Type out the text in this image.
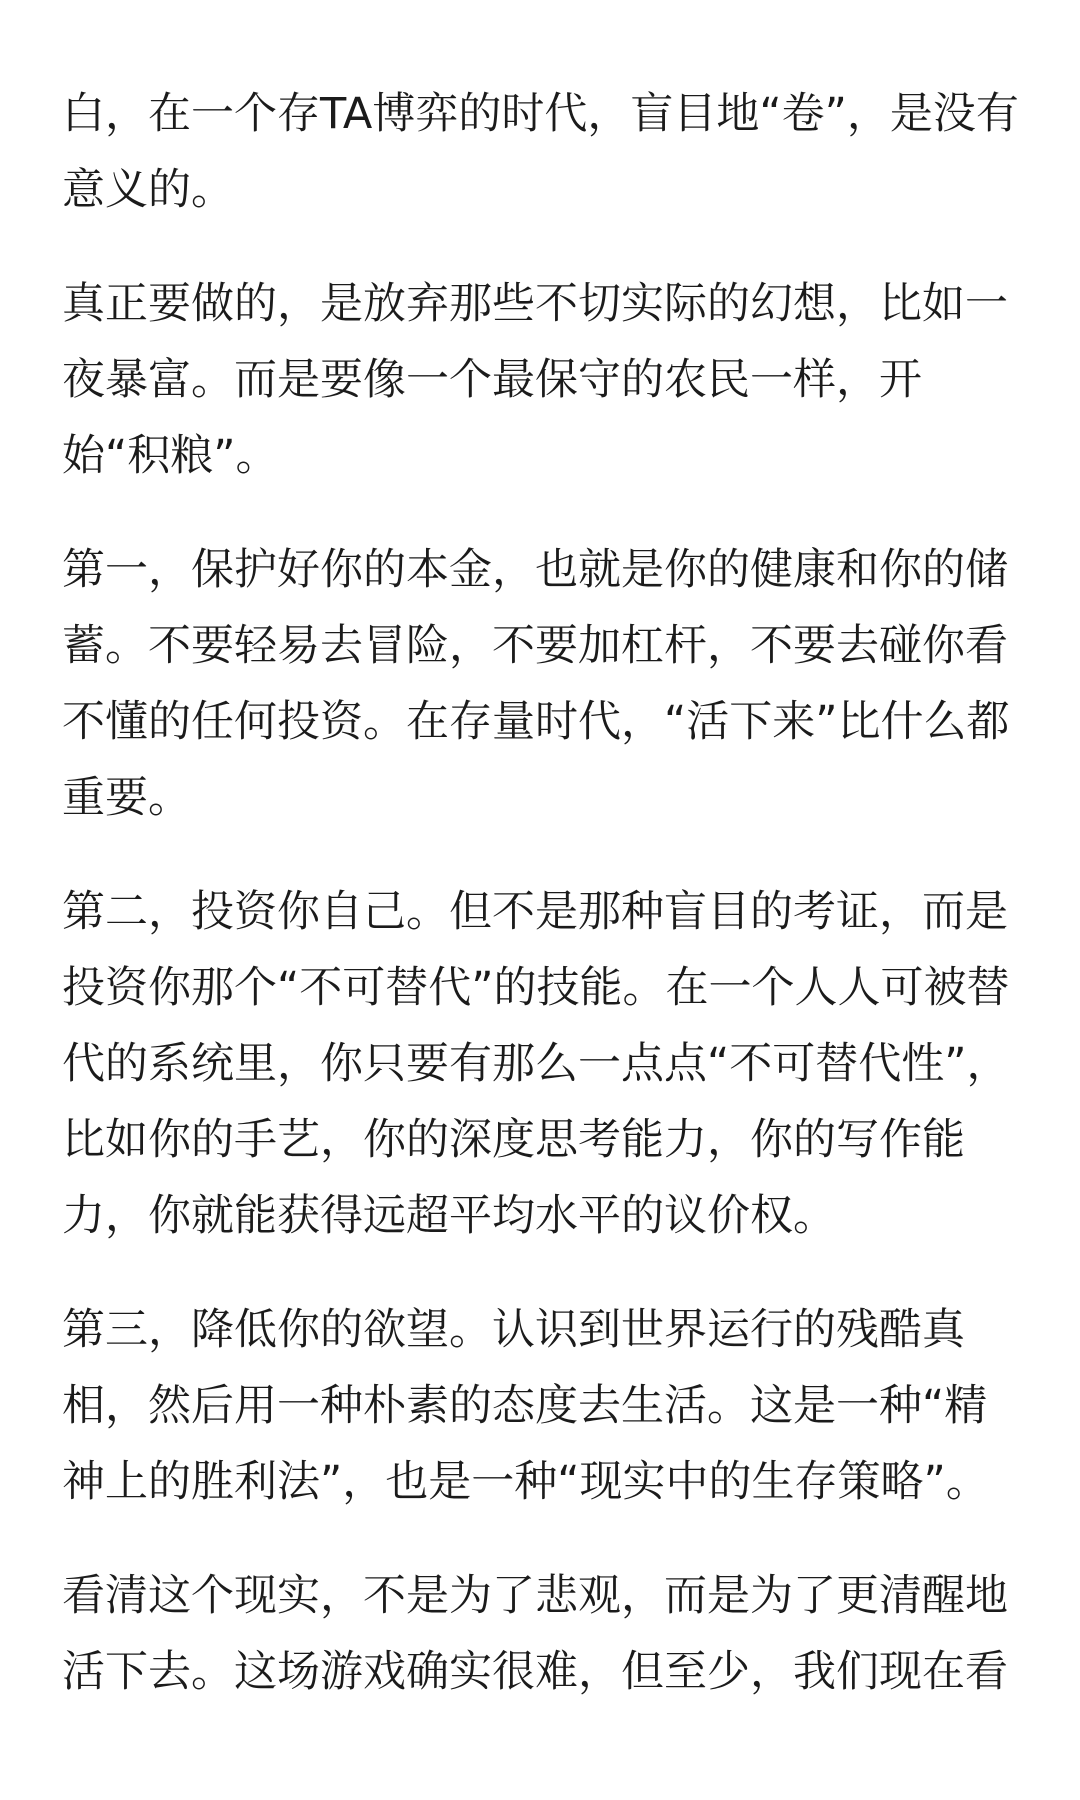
白，在一个存TA博弈的时代，盲目地“卷”，是没有
意义的。

真正要做的，是放弃那些不切实际的幻想，比如一
夜暴富。而是要像一个最保守的农民一样，开
始“积粮”。

第一，保护好你的本金，也就是你的健康和你的储
蓄。不要轻易去冒险，不要加杠杆，不要去碰你看
不懂的任何投资。在存量时代，“活下来”比什么都
重要。

第二，投资你自己。但不是那种盲目的考证，而是
投资你那个“不可替代”的技能。在一个人人可被替
代的系统里，你只要有那么一点点“不可替代性”，
比如你的手艺，你的深度思考能力，你的写作能
力，你就能获得远超平均水平的议价权。

第三，降低你的欲望。认识到世界运行的残酷真
相，然后用一种朴素的态度去生活。这是一种“精
神上的胜利法”，也是一种“现实中的生存策略”。

看清这个现实，不是为了悲观，而是为了更清醒地
活下去。这场游戏确实很难，但至少，我们现在看
